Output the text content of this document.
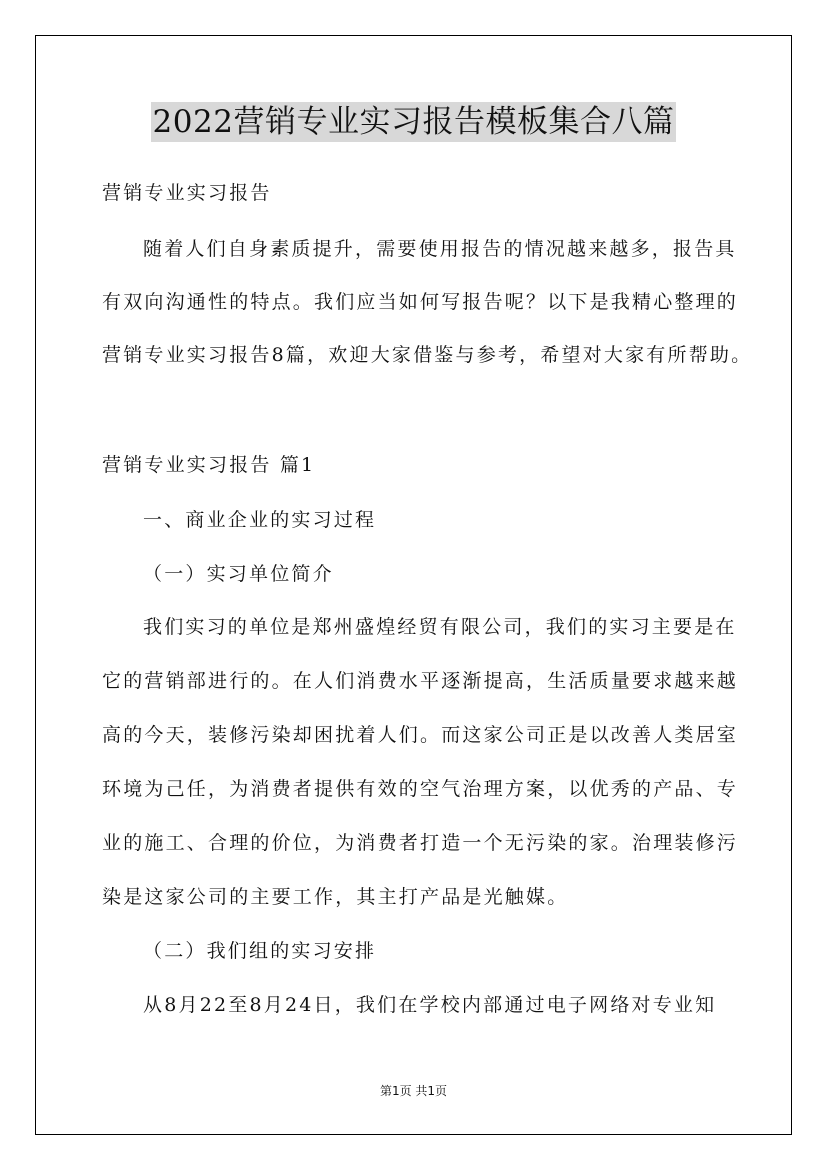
2022营销专业实习报告模板集合八篇
营销专业实习报告
随着人们自身素质提升，需要使用报告的情况越来越多，报告具
有双向沟通性的特点。我们应当如何写报告呢？以下是我精心整理的
营销专业实习报告8篇，欢迎大家借鉴与参考，希望对大家有所帮助。
营销专业实习报告 篇1
一、商业企业的实习过程
（一）实习单位简介
我们实习的单位是郑州盛煌经贸有限公司，我们的实习主要是在
它的营销部进行的。在人们消费水平逐渐提高，生活质量要求越来越
高的今天，装修污染却困扰着人们。而这家公司正是以改善人类居室
环境为己任，为消费者提供有效的空气治理方案，以优秀的产品、专
业的施工、合理的价位，为消费者打造一个无污染的家。治理装修污
染是这家公司的主要工作，其主打产品是光触媒。
（二）我们组的实习安排
从8月22至8月24日，我们在学校内部通过电子网络对专业知
第1页 共1页
